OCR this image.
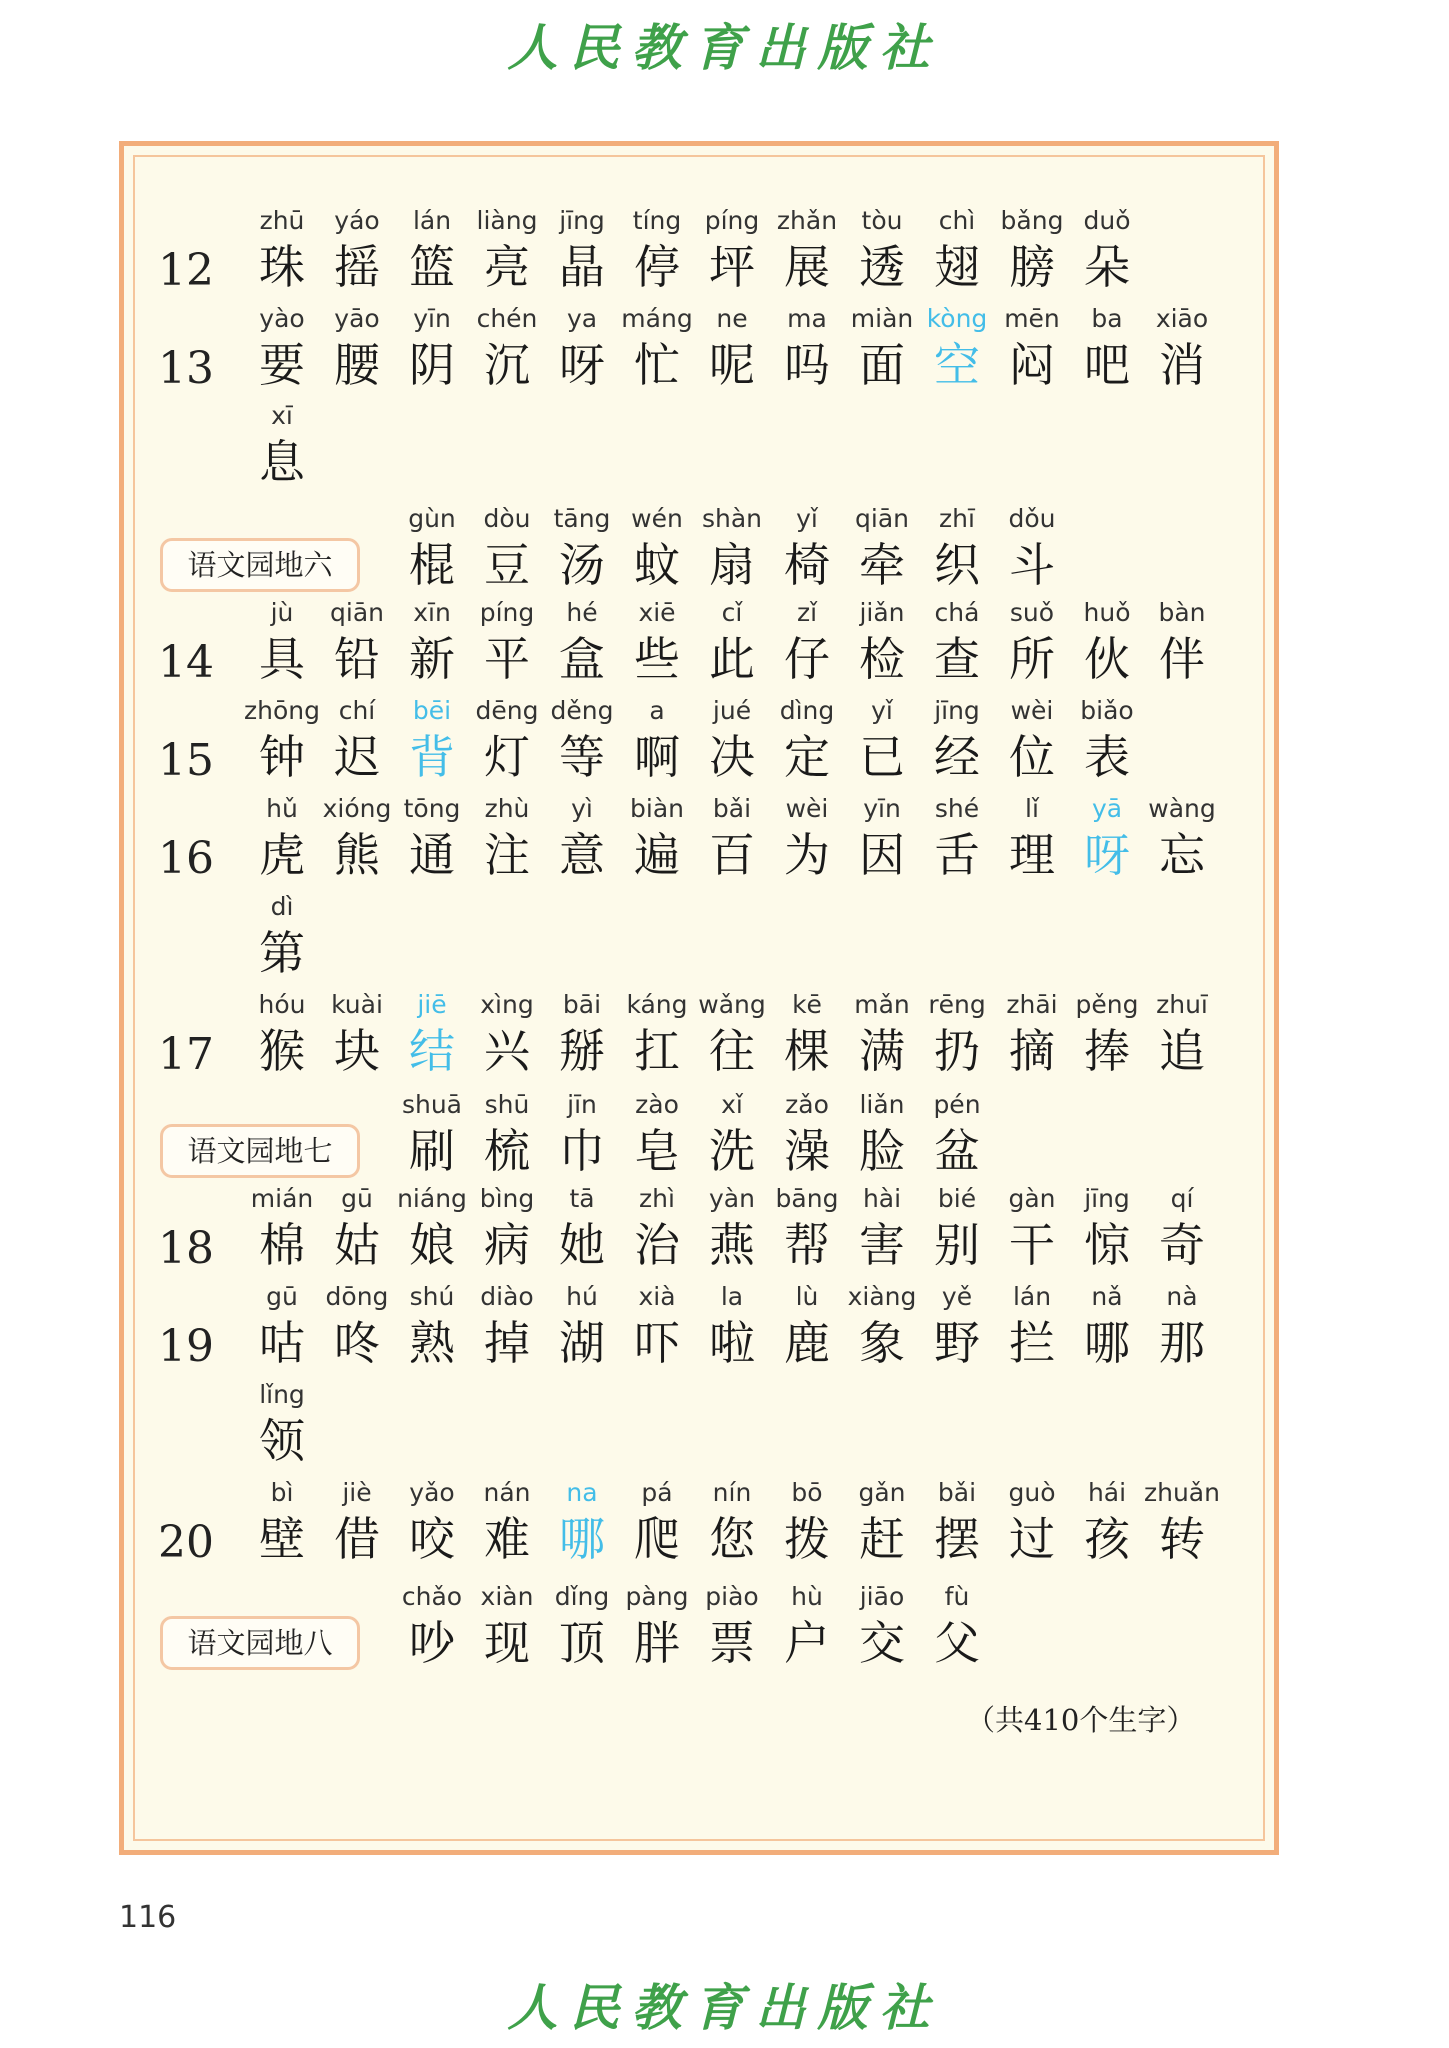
人民教育出版社
12
zhū
珠
yáo
摇
lán
篮
liàng
亮
jīng
晶
tíng
停
píng
坪
zhǎn
展
tòu
透
chì
翅
bǎng
膀
duǒ
朵
13
yào
要
yāo
腰
yīn
阴
chén
沉
ya
呀
máng
忙
ne
呢
ma
吗
miàn
面
kòng
空
mēn
闷
ba
吧
xiāo
消
xī
息
语文园地六
gùn
棍
dòu
豆
tāng
汤
wén
蚊
shàn
扇
yǐ
椅
qiān
牵
zhī
织
dǒu
斗
14
jù
具
qiān
铅
xīn
新
píng
平
hé
盒
xiē
些
cǐ
此
zǐ
仔
jiǎn
检
chá
查
suǒ
所
huǒ
伙
bàn
伴
15
zhōng
钟
chí
迟
bēi
背
dēng
灯
děng
等
a
啊
jué
决
dìng
定
yǐ
已
jīng
经
wèi
位
biǎo
表
16
hǔ
虎
xióng
熊
tōng
通
zhù
注
yì
意
biàn
遍
bǎi
百
wèi
为
yīn
因
shé
舌
lǐ
理
yā
呀
wàng
忘
dì
第
17
hóu
猴
kuài
块
jiē
结
xìng
兴
bāi
掰
káng
扛
wǎng
往
kē
棵
mǎn
满
rēng
扔
zhāi
摘
pěng
捧
zhuī
追
语文园地七
shuā
刷
shū
梳
jīn
巾
zào
皂
xǐ
洗
zǎo
澡
liǎn
脸
pén
盆
18
mián
棉
gū
姑
niáng
娘
bìng
病
tā
她
zhì
治
yàn
燕
bāng
帮
hài
害
bié
别
gàn
干
jīng
惊
qí
奇
19
gū
咕
dōng
咚
shú
熟
diào
掉
hú
湖
xià
吓
la
啦
lù
鹿
xiàng
象
yě
野
lán
拦
nǎ
哪
nà
那
lǐng
领
20
bì
壁
jiè
借
yǎo
咬
nán
难
na
哪
pá
爬
nín
您
bō
拨
gǎn
赶
bǎi
摆
guò
过
hái
孩
zhuǎn
转
语文园地八
chǎo
吵
xiàn
现
dǐng
顶
pàng
胖
piào
票
hù
户
jiāo
交
fù
父
（共410个生字）
116
人民教育出版社
